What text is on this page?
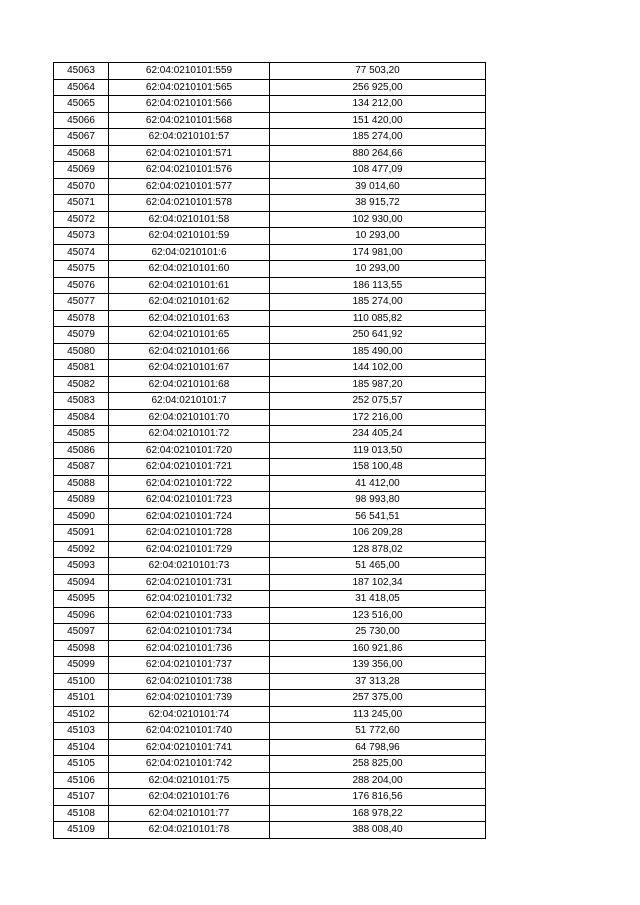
45063	62:04:0210101:559	77 503,20
45064	62:04:0210101:565	256 925,00
45065	62:04:0210101:566	134 212,00
45066	62:04:0210101:568	151 420,00
45067	62:04:0210101:57	185 274,00
45068	62:04:0210101:571	880 264,66
45069	62:04:0210101:576	108 477,09
45070	62:04:0210101:577	39 014,60
45071	62:04:0210101:578	38 915,72
45072	62:04:0210101:58	102 930,00
45073	62:04:0210101:59	10 293,00
45074	62:04:0210101:6	174 981,00
45075	62:04:0210101:60	10 293,00
45076	62:04:0210101:61	186 113,55
45077	62:04:0210101:62	185 274,00
45078	62:04:0210101:63	110 085,82
45079	62:04:0210101:65	250 641,92
45080	62:04:0210101:66	185 490,00
45081	62:04:0210101:67	144 102,00
45082	62:04:0210101:68	185 987,20
45083	62:04:0210101:7	252 075,57
45084	62:04:0210101:70	172 216,00
45085	62:04:0210101:72	234 405,24
45086	62:04:0210101:720	119 013,50
45087	62:04:0210101:721	158 100,48
45088	62:04:0210101:722	41 412,00
45089	62:04:0210101:723	98 993,80
45090	62:04:0210101:724	56 541,51
45091	62:04:0210101:728	106 209,28
45092	62:04:0210101:729	128 878,02
45093	62:04:0210101:73	51 465,00
45094	62:04:0210101:731	187 102,34
45095	62:04:0210101:732	31 418,05
45096	62:04:0210101:733	123 516,00
45097	62:04:0210101:734	25 730,00
45098	62:04:0210101:736	160 921,86
45099	62:04:0210101:737	139 356,00
45100	62:04:0210101:738	37 313,28
45101	62:04:0210101:739	257 375,00
45102	62:04:0210101:74	113 245,00
45103	62:04:0210101:740	51 772,60
45104	62:04:0210101:741	64 798,96
45105	62:04:0210101:742	258 825,00
45106	62:04:0210101:75	288 204,00
45107	62:04:0210101:76	176 816,56
45108	62:04:0210101:77	168 978,22
45109	62:04:0210101:78	388 008,40
